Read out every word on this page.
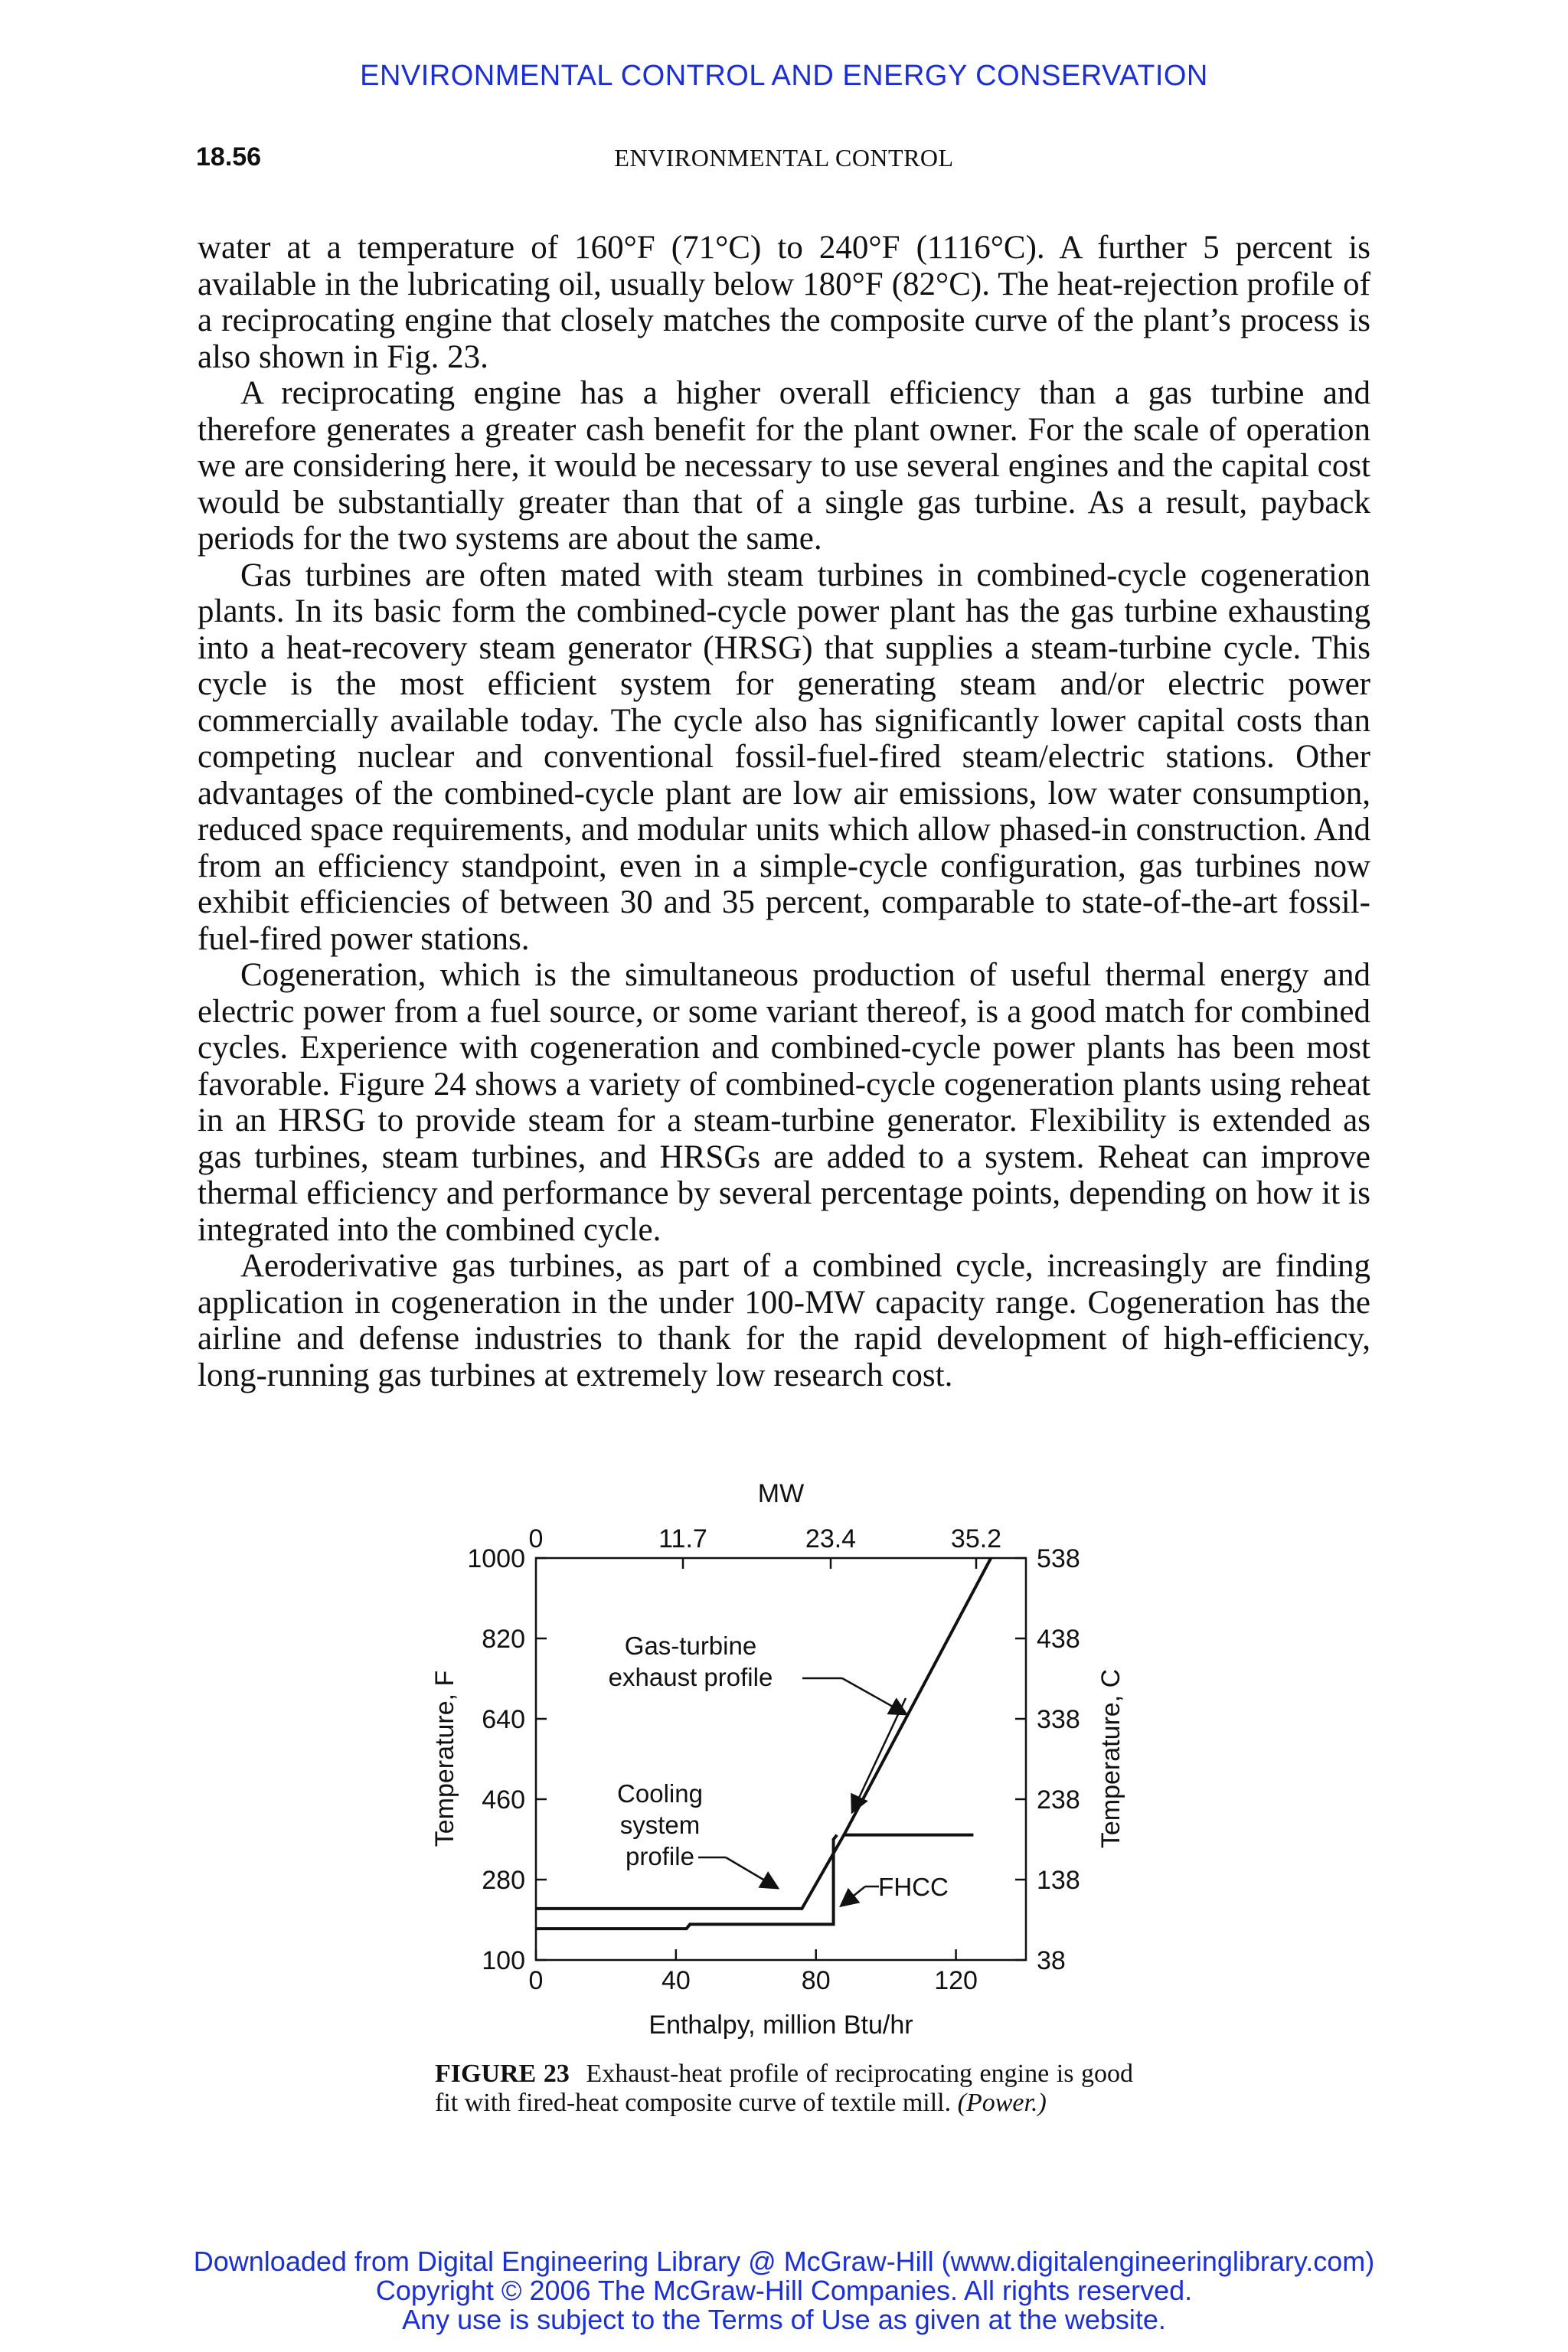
ENVIRONMENTAL CONTROL AND ENERGY CONSERVATION
18.56	ENVIRONMENTAL CONTROL

water at a temperature of 160°F (71°C) to 240°F (1116°C). A further 5 percent is available in the lubricating oil, usually below 180°F (82°C). The heat-rejection profile of a reciprocating engine that closely matches the composite curve of the plant’s process is also shown in Fig. 23.

A reciprocating engine has a higher overall efficiency than a gas turbine and therefore generates a greater cash benefit for the plant owner. For the scale of operation we are considering here, it would be necessary to use several engines and the capital cost would be substantially greater than that of a single gas turbine. As a result, payback periods for the two systems are about the same.

Gas turbines are often mated with steam turbines in combined-cycle cogeneration plants. In its basic form the combined-cycle power plant has the gas turbine exhausting into a heat-recovery steam generator (HRSG) that supplies a steam-turbine cycle. This cycle is the most efficient system for generating steam and/or electric power commercially available today. The cycle also has significantly lower capital costs than competing nuclear and conventional fossil-fuel-fired steam/electric stations. Other advantages of the combined-cycle plant are low air emissions, low water consumption, reduced space requirements, and modular units which allow phased-in construction. And from an efficiency standpoint, even in a simple-cycle configuration, gas turbines now exhibit efficiencies of between 30 and 35 percent, comparable to state-of-the-art fossil-fuel-fired power stations.

Cogeneration, which is the simultaneous production of useful thermal energy and electric power from a fuel source, or some variant thereof, is a good match for combined cycles. Experience with cogeneration and combined-cycle power plants has been most favorable. Figure 24 shows a variety of combined-cycle cogeneration plants using reheat in an HRSG to provide steam for a steam-turbine generator. Flexibility is extended as gas turbines, steam turbines, and HRSGs are added to a system. Reheat can improve thermal efficiency and performance by several percentage points, depending on how it is integrated into the combined cycle.

Aeroderivative gas turbines, as part of a combined cycle, increasingly are finding application in cogeneration in the under 100-MW capacity range. Cogeneration has the airline and defense industries to thank for the rapid development of high-efficiency, long-running gas turbines at extremely low research cost.

MW
Enthalpy, million Btu/hr
Temperature, F	Temperature, C
0	40	80	120
0	11.7	23.4	35.2
100
280
460
640
820
1000
38
138
238
338
438
538
Gas-turbine
exhaust profile
Cooling
system
profile
FHCC
FIGURE 23 Exhaust-heat profile of reciprocating engine is good fit with fired-heat composite curve of textile mill. (Power.)
Downloaded from Digital Engineering Library @ McGraw-Hill (www.digitalengineeringlibrary.com)
Copyright © 2006 The McGraw-Hill Companies. All rights reserved.
Any use is subject to the Terms of Use as given at the website.
